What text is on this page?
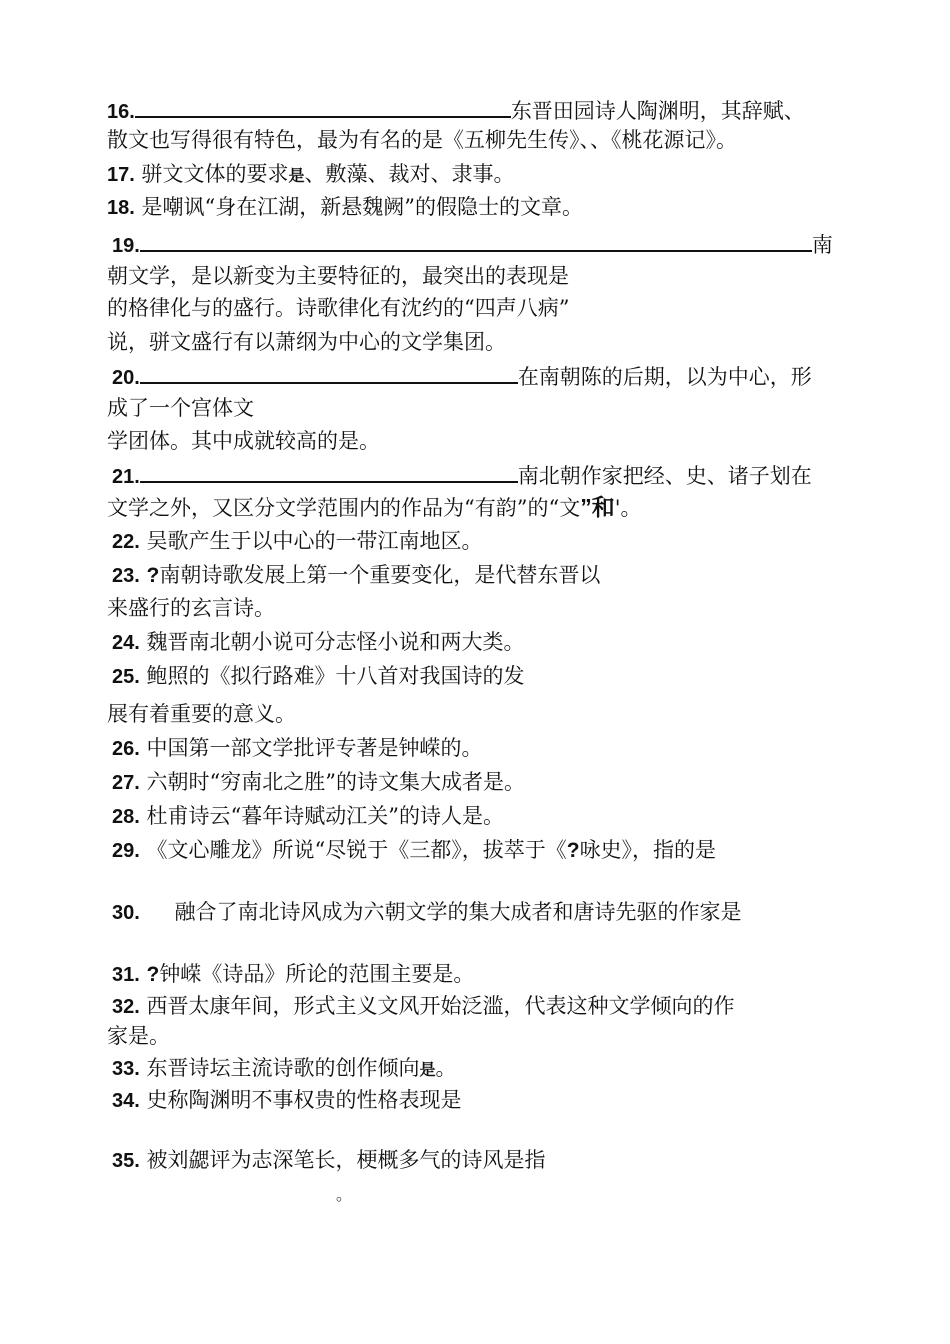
16.	东晋田园诗人陶渊明，其辞赋、
散文也写得很有特色，最为有名的是《五柳先生传》、、《桃花源记》。
17. 骈文文体的要求是、敷藻、裁对、隶事。
18. 是嘲讽“身在江湖，新悬魏阙”的假隐士的文章。
19.	南
朝文学，是以新变为主要特征的，最突出的表现是
的格律化与的盛行。诗歌律化有沈约的“四声八病”
说，骈文盛行有以萧纲为中心的文学集团。
20.	在南朝陈的后期，以为中心，形
成了一个宫体文
学团体。其中成就较高的是。
21.	南北朝作家把经、史、诸子划在
文学之外，又区分文学范围内的作品为“有韵”的“文”和'。
22. 吴歌产生于以中心的一带江南地区。
23. ?南朝诗歌发展上第一个重要变化，是代替东晋以
来盛行的玄言诗。
24. 魏晋南北朝小说可分志怪小说和两大类。
25. 鲍照的《拟行路难》十八首对我国诗的发
展有着重要的意义。
26. 中国第一部文学批评专著是钟嵘的。
27. 六朝时“穷南北之胜”的诗文集大成者是。
28. 杜甫诗云“暮年诗赋动江关”的诗人是。
29. 《文心雕龙》所说“尽锐于《三都》，拔萃于《?咏史》，指的是
30. 融合了南北诗风成为六朝文学的集大成者和唐诗先驱的作家是
31. ?钟嵘《诗品》所论的范围主要是。
32. 西晋太康年间，形式主义文风开始泛滥，代表这种文学倾向的作
家是。
33. 东晋诗坛主流诗歌的创作倾向是。
34. 史称陶渊明不事权贵的性格表现是
35. 被刘勰评为志深笔长，梗概多气的诗风是指
。
